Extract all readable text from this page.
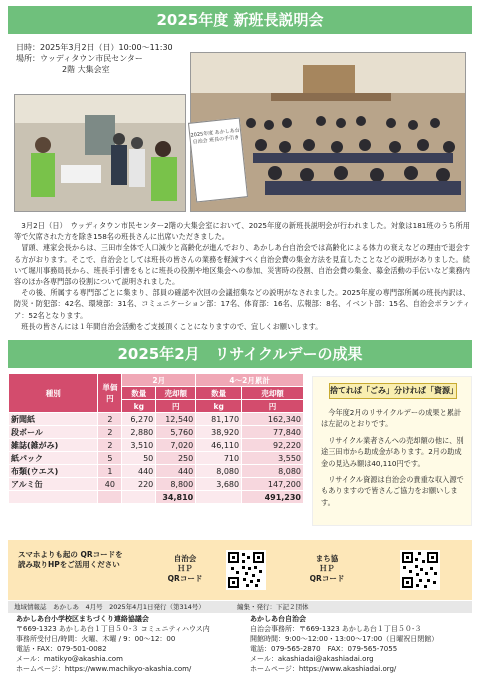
2025年度 新班長説明会
日時：2025年3月2日（日）10:00～11:30
場所：ウッディタウン市民センター
2階 大集会室
2025年度 あかしあ台自治会 班長の手引き

3月2日（日）　ウッディタウン市民センター2階の大集会室において、2025年度の新班長説明会が行われました。対象は181班のうち所用等で欠席された方を除き158名の班長さんに出席いただきました。

冒頭、連家会長からは、三田市全体で人口減少と高齢化が進んでおり、あかしあ台自治会では高齢化による体力の衰えなどの理由で退会する方がおります。そこで、自治会としては班長の皆さんの業務を軽減すべく自治会費の集金方法を見直したことなどの説明がありました。続いて堀川事務局長から、班長手引書をもとに班長の役割や地区集会への参加、災害時の役割、自治会費の集金、募金活動の手伝いなど業務内容のほか各専門部の役割について説明されました。

その後、所属する専門部ごとに集まり、部員の確認や次回の会議招集などの説明がなされました。2025年度の専門部所属の班長内訳は、防災・防犯部：42名、環境部：31名、コミュニケーション部：17名、体育部：16名、広報部：8名、イベント部：15名、自治会ボランティア：52名となります。

班長の皆さんには１年間自治会活動をご支援頂くことになりますので、宜しくお願いします。

2025年2月　リサイクルデーの成果
種別	単価円	2月		4～2月累計	
		数量	売却額	数量	売却額
		kg	円	kg	円
新聞紙	2	6,270	12,540	81,170	162,340
段ボール	2	2,880	5,760	38,920	77,840
雑誌(雑がみ)	2	3,510	7,020	46,110	92,220
紙パック	5	50	250	710	3,550
布類(ウエス)	1	440	440	8,080	8,080
アルミ缶	40	220	8,800	3,680	147,200
			34,810		491,230
捨てれば「ごみ」分ければ「資源」

今年度2月のリサイクルデーの成果と累計は左記のとおりです。

リサイクル業者さんへの売却額の他に、別途三田市から助成金があります。2月の助成金の見込み額は40,110円です。

リサイクル資源は自治会の貴重な収入源でもありますので皆さんご協力をお願いします。

スマホよりも起の QRコードを
読み取りHPをご活用ください
自治会
ＨＰ
QRコード
まち協
ＨＰ
QRコード
地域情報誌　あかしあ　4月号　2025年4月1日発行（第314号）	編集・発行：下記２団体
あかしあ台小学校区まちづくり連絡協議会
〒669-1323 あかしあ台１丁目５０-３ コミュニティハウス内
事務所受付日/時間：火曜、木曜 / 9：00～12：00
電話・FAX：079-501-0082
メール：matikyo@akashia.com
ホームページ：https://www.machikyo-akashia.com/
あかしあ台自治会
自治会事務所：〒669-1323 あかしあ台１丁目５０-３
開館時間：9:00～12:00・13:00～17:00（日曜祝日閉館）
電話：079-565-2870　FAX：079-565-7055
メール：akashiadai@akashiadai.org
ホームページ：https://www.akashiadai.org/
